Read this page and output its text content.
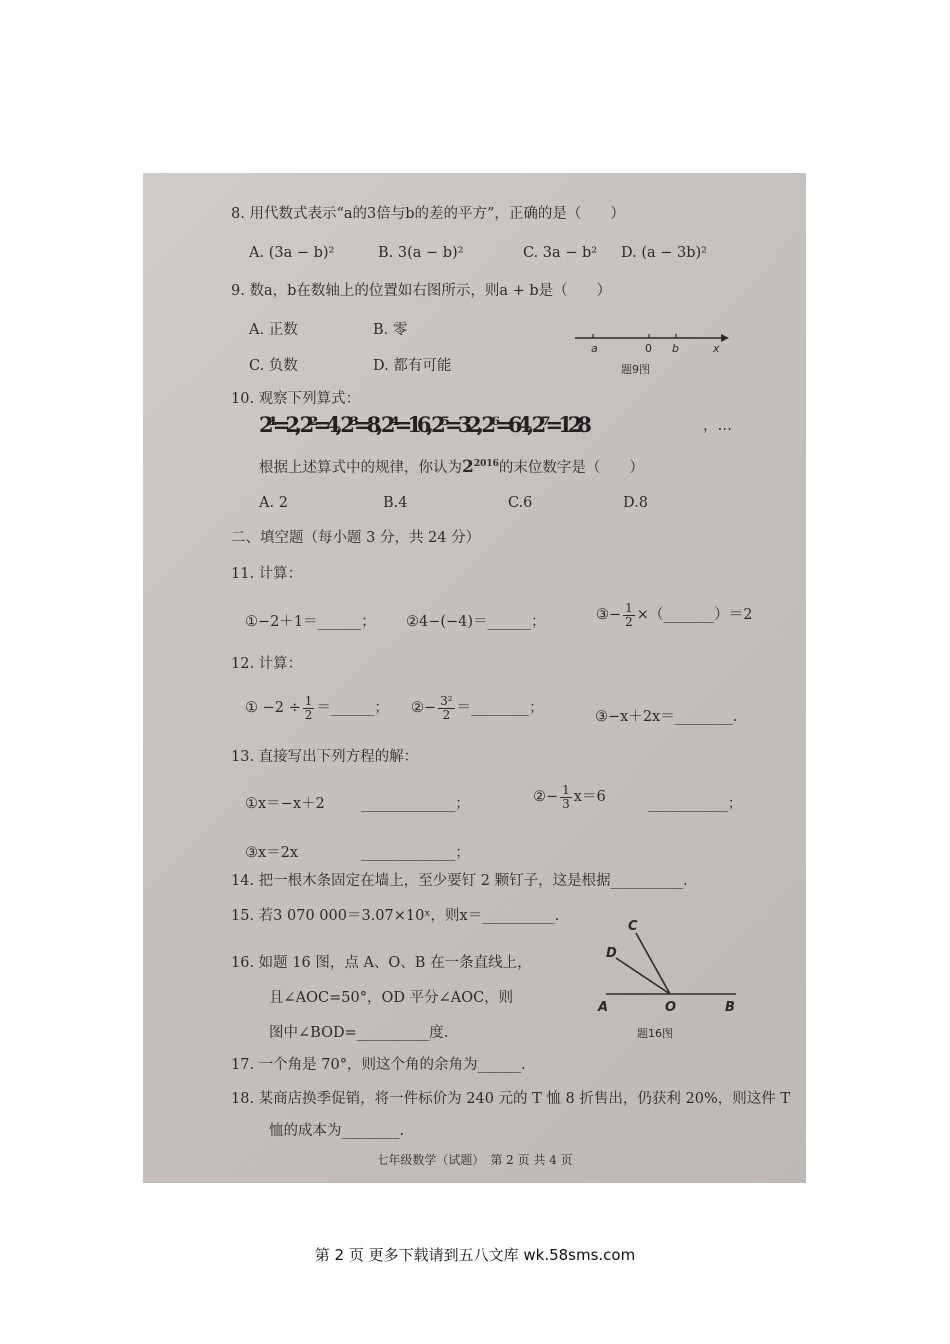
8. 用代数式表示“a的3倍与b的差的平方”，正确的是（　　）
A. (3a − b)²	B. 3(a − b)²	C. 3a − b² D. (a − 3b)²
9. 数a，b在数轴上的位置如右图所示，则a + b是（　　）
A. 正数	B. 零
C. 负数	D. 都有可能
a	0 b	x
题9图
10. 观察下列算式：
2¹=2, 2²=4, 2³=8, 2⁴=16, 2⁵=32, 2⁶=64, 2⁷=128	，…
根据上述算式中的规律，你认为$2^{2016}$的末位数字是（　　）
A. 2	B.4	C.6	D.8
二、填空题（每小题 3 分，共 24 分）
11. 计算：
①−2＋1＝______； ②4−(−4)＝______；	③− $\frac{1}{2}$ ×（_______）＝2
12. 计算：
① $-2 \div \frac{1}{2}$ ＝______； ②− $\frac{\text{3²}}{2}$ ＝________；
③−x＋2x＝________.
13. 直接写出下列方程的解：
①x＝−x＋2	_____________；	②− $\frac{1}{3} x=6$	___________；
③x＝2x	_____________；
14. 把一根木条固定在墙上，至少要钉 2 颗钉子，这是根据__________.
15. 若3 070 000＝3.07×10ˣ，则x＝__________.
16. 如题 16 图，点 A、O、B 在一条直线上，
且∠AOC=50°，OD 平分∠AOC，则
图中∠BOD=__________度.
A	O	B
C
D
题16图
17. 一个角是 70°，则这个角的余角为______.
18. 某商店换季促销，将一件标价为 240 元的 T 恤 8 折售出，仍获利 20%，则这件 T
恤的成本为________.
七年级数学（试题）　第 2 页 共 4 页
第 2 页 更多下载请到五八文库 wk.58sms.com
